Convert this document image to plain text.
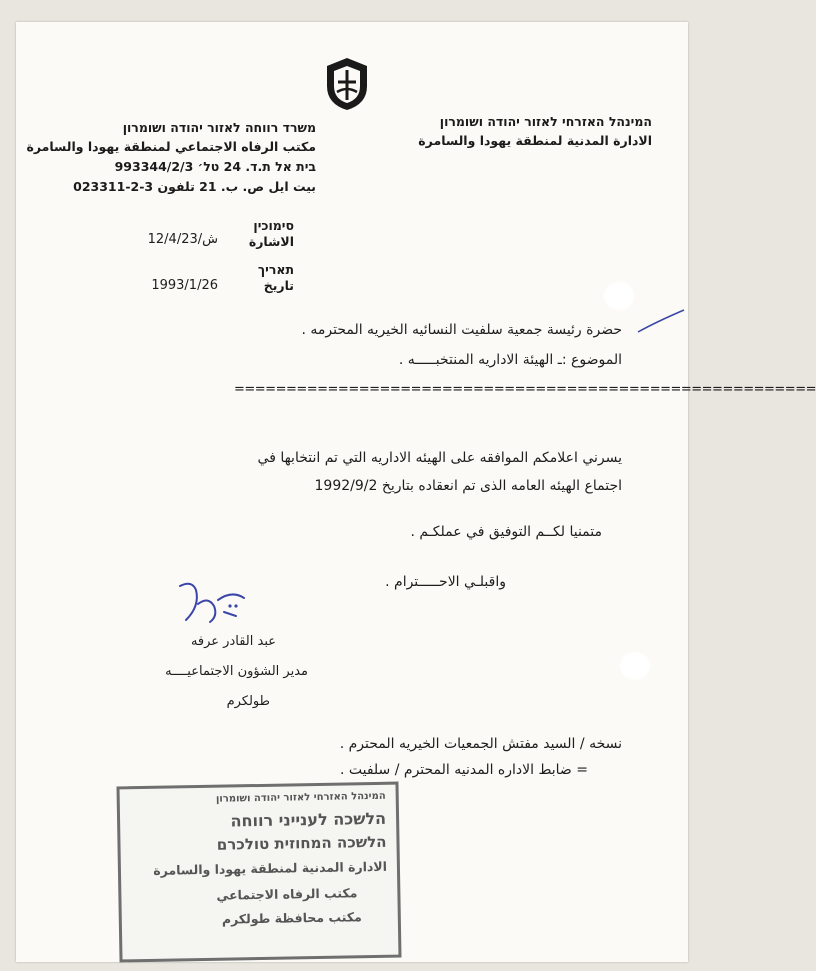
המינהל האזרחי לאזור יהודה ושומרון
الادارة المدنية لمنطقة يهودا والسامرة
משרד רווחה לאזור יהודה ושומרון
مكتب الرفاه الاجتماعي لمنطقة يهودا والسامرة
בית אל ת.ד. 24 טל׳ 993344/2/3
بيت ايل ص. ب. 21 تلفون 3-2-023311
סימוכין
الاشارة
ش/12/4/23
תאריך
تاريخ
1993/1/26
حضرة رئيسة جمعية سلفيت النسائيه الخيريه المحترمه .
الموضوع :ـ الهيئة الاداريه المنتخبـــــه .
========================================================
يسرني اعلامكم الموافقه على الهيئه الاداريه التي تم انتخابها في
اجتماع الهيئه العامه الذى تم انعقاده بتاريخ 1992/9/2
متمنيا لكــم التوفيق في عملكـم .
واقبلـي الاحـــــترام .
عبد القادر عرفه
مدير الشؤون الاجتماعيــــه
طولكرم
نسخه / السيد مفتش الجمعيات الخيريه المحترم .
= ضابط الاداره المدنيه المحترم / سلفيت .
המינהל האזרחי לאזור יהודה ושומרון
הלשכה לענייני רווחה
הלשכה המחוזית טולכרם
الادارة المدنية لمنطقة يهودا والسامرة
مكتب الرفاه الاجتماعي
مكتب محافظة طولكرم
